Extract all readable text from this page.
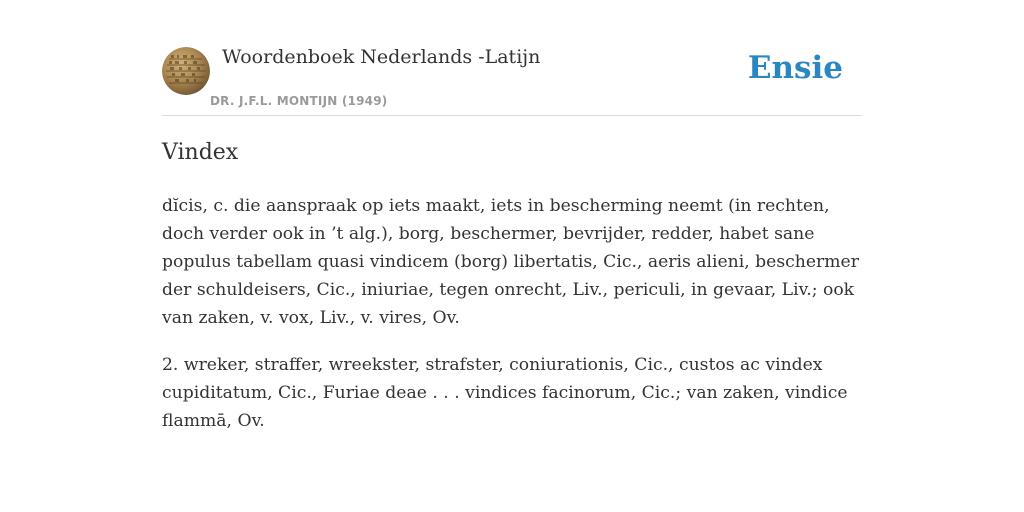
Woordenboek Nederlands -Latijn
DR. J.F.L. MONTIJN (1949)
Ensie
Vindex

dĭcis, c. die aanspraak op iets maakt, iets in bescherming neemt (in rechten, doch verder ook in ’t alg.), borg, beschermer, bevrijder, redder, habet sane populus tabellam quasi vindicem (borg) libertatis, Cic., aeris alieni, beschermer der schuldeisers, Cic., iniuriae, tegen onrecht, Liv., periculi, in gevaar, Liv.; ook van zaken, v. vox, Liv., v. vires, Ov.

2. wreker, straffer, wreekster, strafster, coniurationis, Cic., custos ac vindex cupiditatum, Cic., Furiae deae . . . vindices facinorum, Cic.; van zaken, vindice flammā, Ov.
